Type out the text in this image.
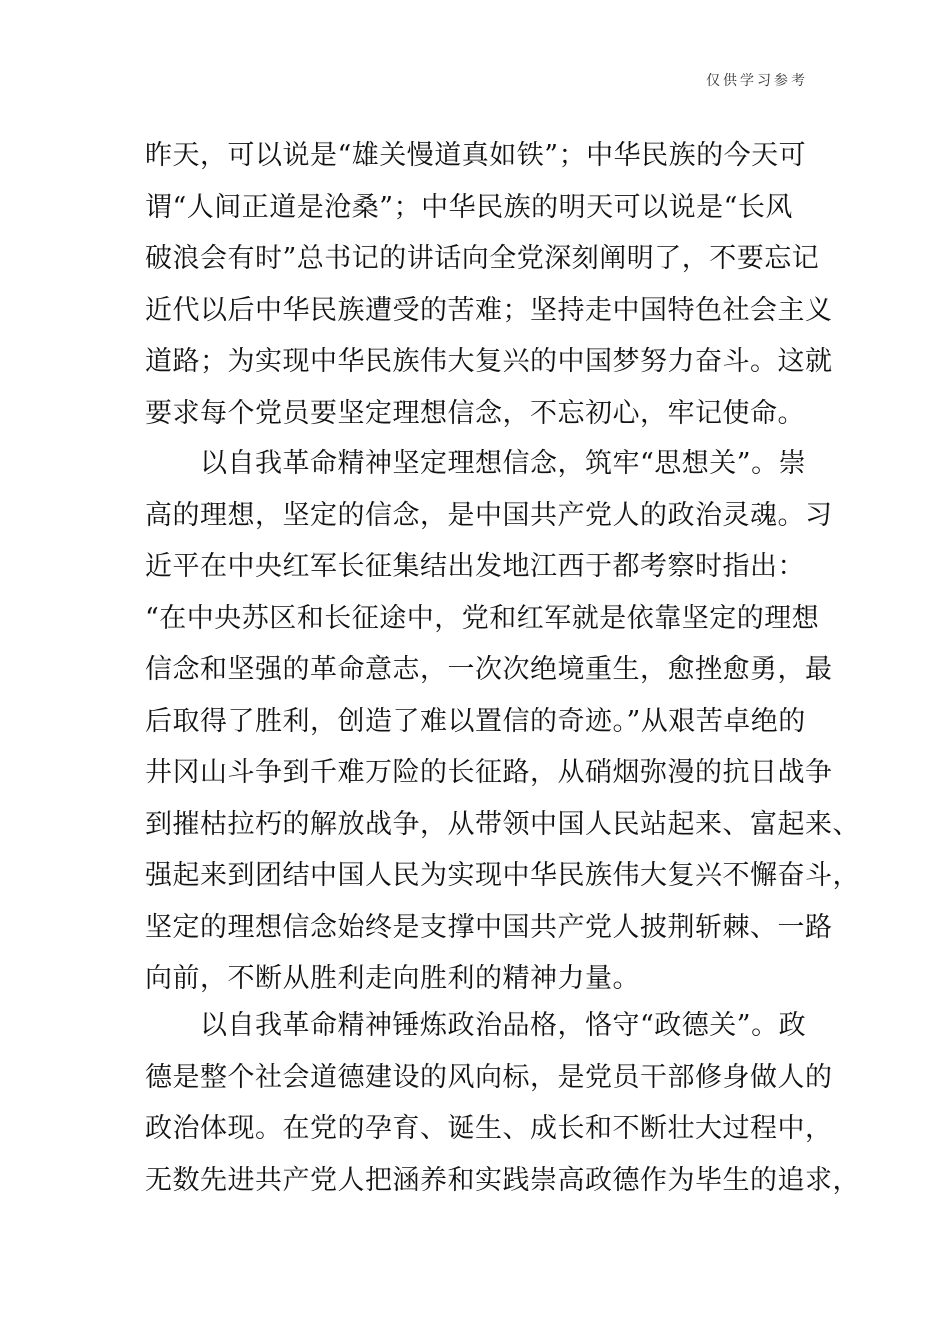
仅供学习参考
昨天，可以说是“雄关慢道真如铁”；中华民族的今天可
谓“人间正道是沧桑”；中华民族的明天可以说是“长风
破浪会有时”总书记的讲话向全党深刻阐明了，不要忘记
近代以后中华民族遭受的苦难；坚持走中国特色社会主义
道路；为实现中华民族伟大复兴的中国梦努力奋斗。这就
要求每个党员要坚定理想信念，不忘初心，牢记使命。
　　以自我革命精神坚定理想信念，筑牢“思想关”。崇
高的理想，坚定的信念，是中国共产党人的政治灵魂。习
近平在中央红军长征集结出发地江西于都考察时指出：
“在中央苏区和长征途中，党和红军就是依靠坚定的理想
信念和坚强的革命意志，一次次绝境重生，愈挫愈勇，最
后取得了胜利，创造了难以置信的奇迹。”从艰苦卓绝的
井冈山斗争到千难万险的长征路，从硝烟弥漫的抗日战争
到摧枯拉朽的解放战争，从带领中国人民站起来、富起来、
强起来到团结中国人民为实现中华民族伟大复兴不懈奋斗，
坚定的理想信念始终是支撑中国共产党人披荆斩棘、一路
向前，不断从胜利走向胜利的精神力量。
　　以自我革命精神锤炼政治品格，恪守“政德关”。政
德是整个社会道德建设的风向标，是党员干部修身做人的
政治体现。在党的孕育、诞生、成长和不断壮大过程中，
无数先进共产党人把涵养和实践崇高政德作为毕生的追求，
